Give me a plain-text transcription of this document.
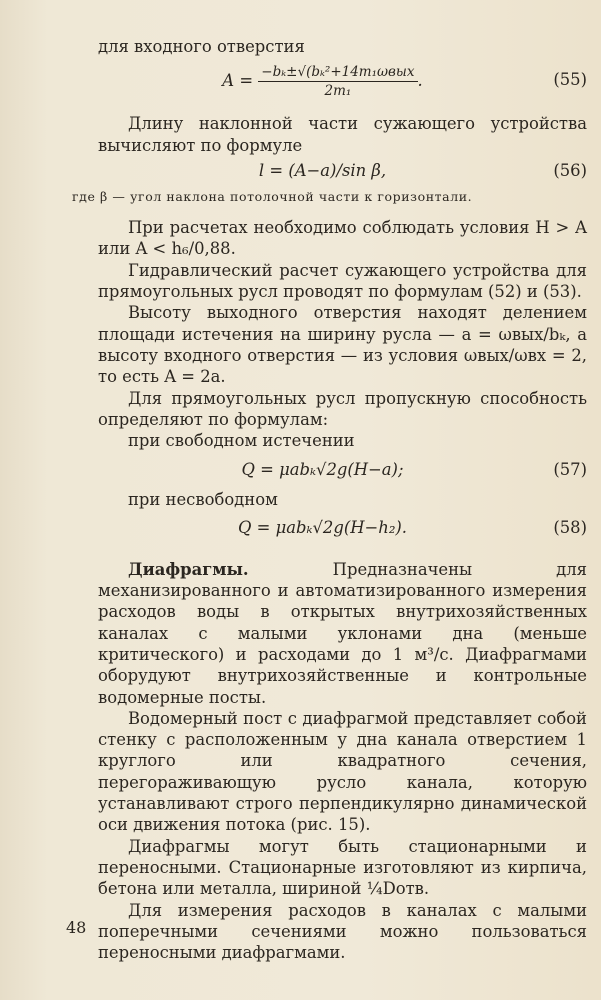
для входного отверстия

$A = \frac{\text{−bₖ±√(bₖ²+14m₁ωвых}}{\text{2m₁}}$ .	(55)

Длину наклонной части сужающего устройства вычисляют по формуле

l = (A−a)/sin β,	(56)

где β — угол наклона потолочной части к горизонтали.

При расчетах необходимо соблюдать условия H > A или A < h₆/0,88.

Гидравлический расчет сужающего устройства для прямоугольных русл проводят по формулам (52) и (53).

Высоту выходного отверстия находят делением площади истечения на ширину русла — a = ωвых/bₖ, а высоту входного отверстия — из условия ωвых/ωвх = 2, то есть A = 2a.

Для прямоугольных русл пропускную способность определяют по формулам:

при свободном истечении

Q = μabₖ√2g(H−a);	(57)

при несвободном

Q = μabₖ√2g(H−h₂).	(58)

Диафрагмы. Предназначены для механизированного и автоматизированного измерения расходов воды в открытых внутрихозяйственных каналах с малыми уклонами дна (меньше критического) и расходами до 1 м³/с. Диафрагмами оборудуют внутрихозяйственные и контрольные водомерные посты.

Водомерный пост с диафрагмой представляет собой стенку с расположенным у дна канала отверстием 1 круглого или квадратного сечения, перегораживающую русло канала, которую устанавливают строго перпендикулярно динамической оси движения потока (рис. 15).

Диафрагмы могут быть стационарными и переносными. Стационарные изготовляют из кирпича, бетона или металла, шириной ¼Dотв.

Для измерения расходов в каналах с малыми поперечными сечениями можно пользоваться переносными диафрагмами.

48
